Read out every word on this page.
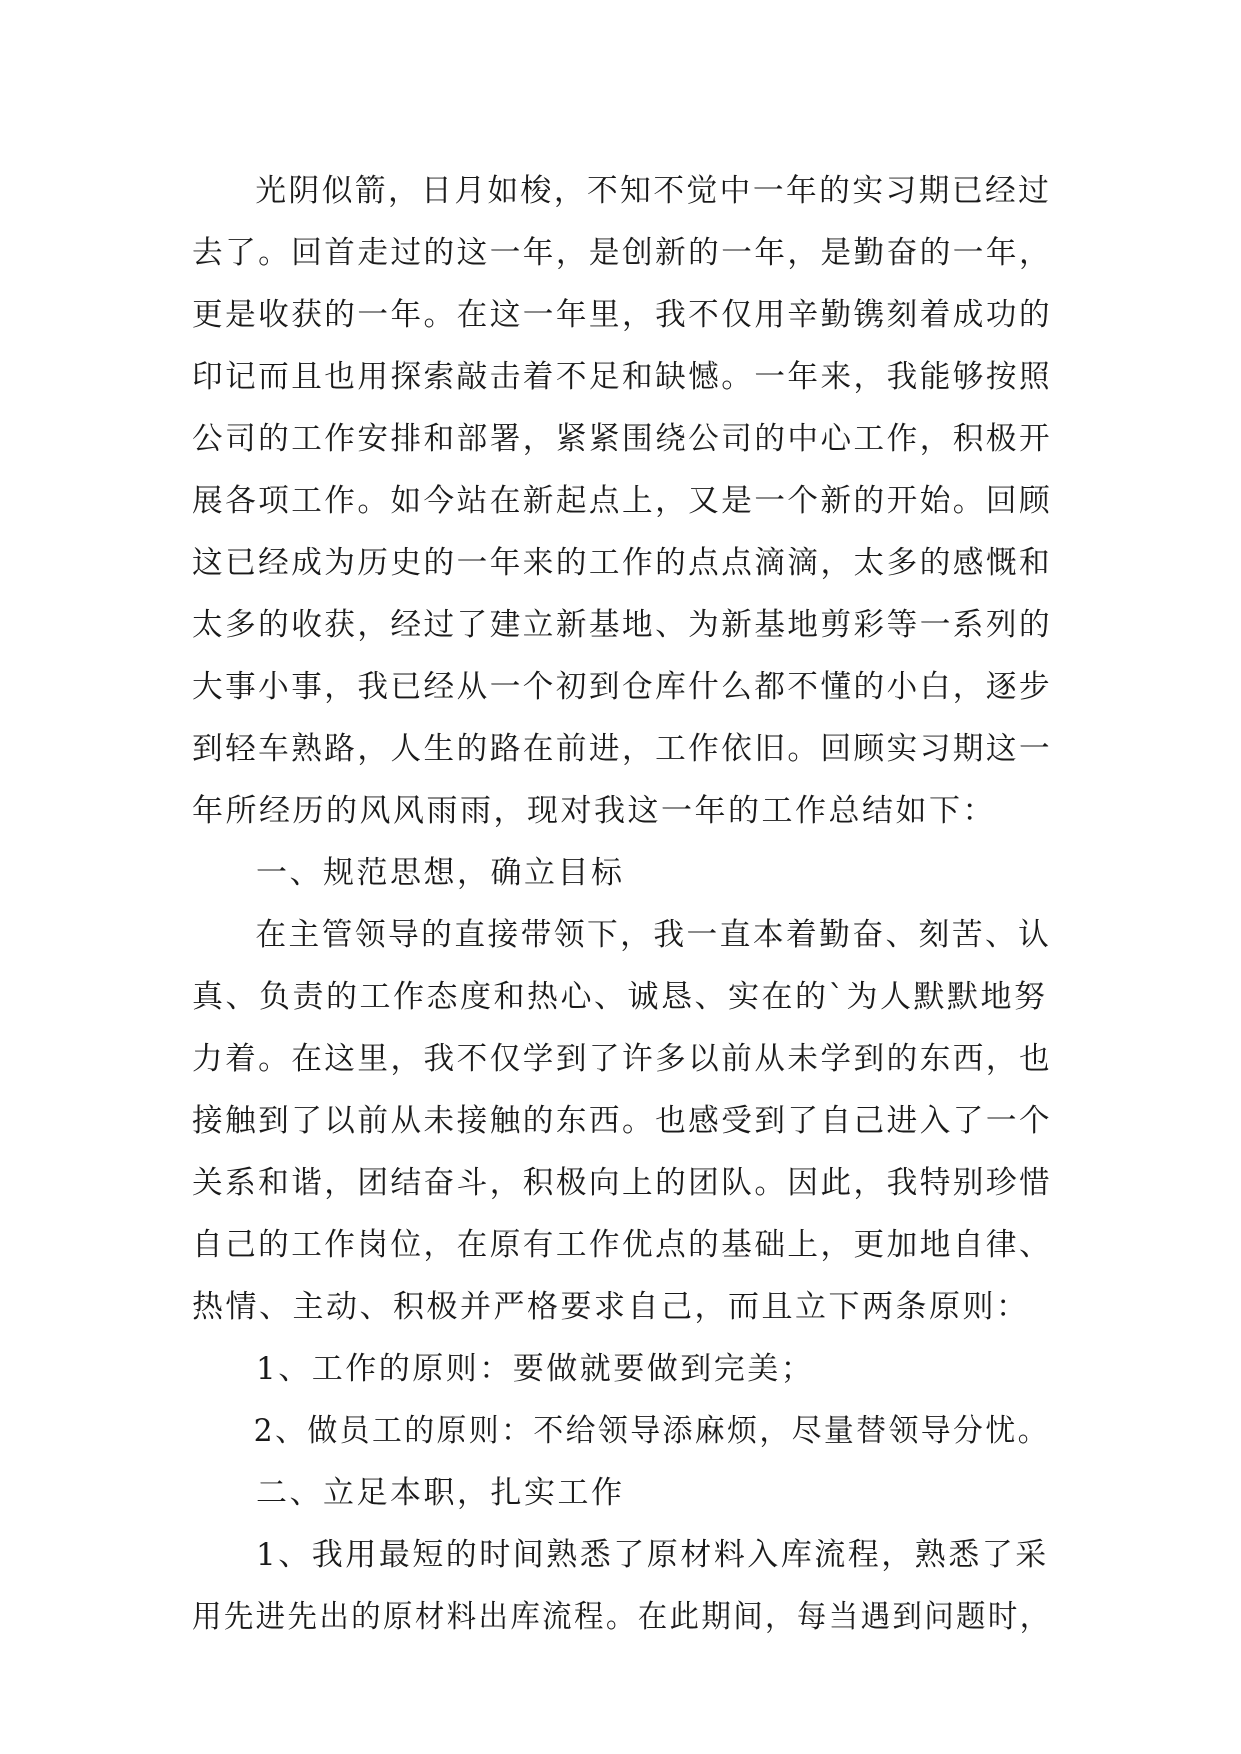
光阴似箭，日月如梭，不知不觉中一年的实习期已经过
去了。回首走过的这一年，是创新的一年，是勤奋的一年，
更是收获的一年。在这一年里，我不仅用辛勤镌刻着成功的
印记而且也用探索敲击着不足和缺憾。一年来，我能够按照
公司的工作安排和部署，紧紧围绕公司的中心工作，积极开
展各项工作。如今站在新起点上，又是一个新的开始。回顾
这已经成为历史的一年来的工作的点点滴滴，太多的感慨和
太多的收获，经过了建立新基地、为新基地剪彩等一系列的
大事小事，我已经从一个初到仓库什么都不懂的小白，逐步
到轻车熟路，人生的路在前进，工作依旧。回顾实习期这一
年所经历的风风雨雨，现对我这一年的工作总结如下：
一、规范思想，确立目标
在主管领导的直接带领下，我一直本着勤奋、刻苦、认
真、负责的工作态度和热心、诚恳、实在的`为人默默地努
力着。在这里，我不仅学到了许多以前从未学到的东西，也
接触到了以前从未接触的东西。也感受到了自己进入了一个
关系和谐，团结奋斗，积极向上的团队。因此，我特别珍惜
自己的工作岗位，在原有工作优点的基础上，更加地自律、
热情、主动、积极并严格要求自己，而且立下两条原则：
1、工作的原则：要做就要做到完美；
2、做员工的原则：不给领导添麻烦，尽量替领导分忧。
二、立足本职，扎实工作
1、我用最短的时间熟悉了原材料入库流程，熟悉了采
用先进先出的原材料出库流程。在此期间，每当遇到问题时，
